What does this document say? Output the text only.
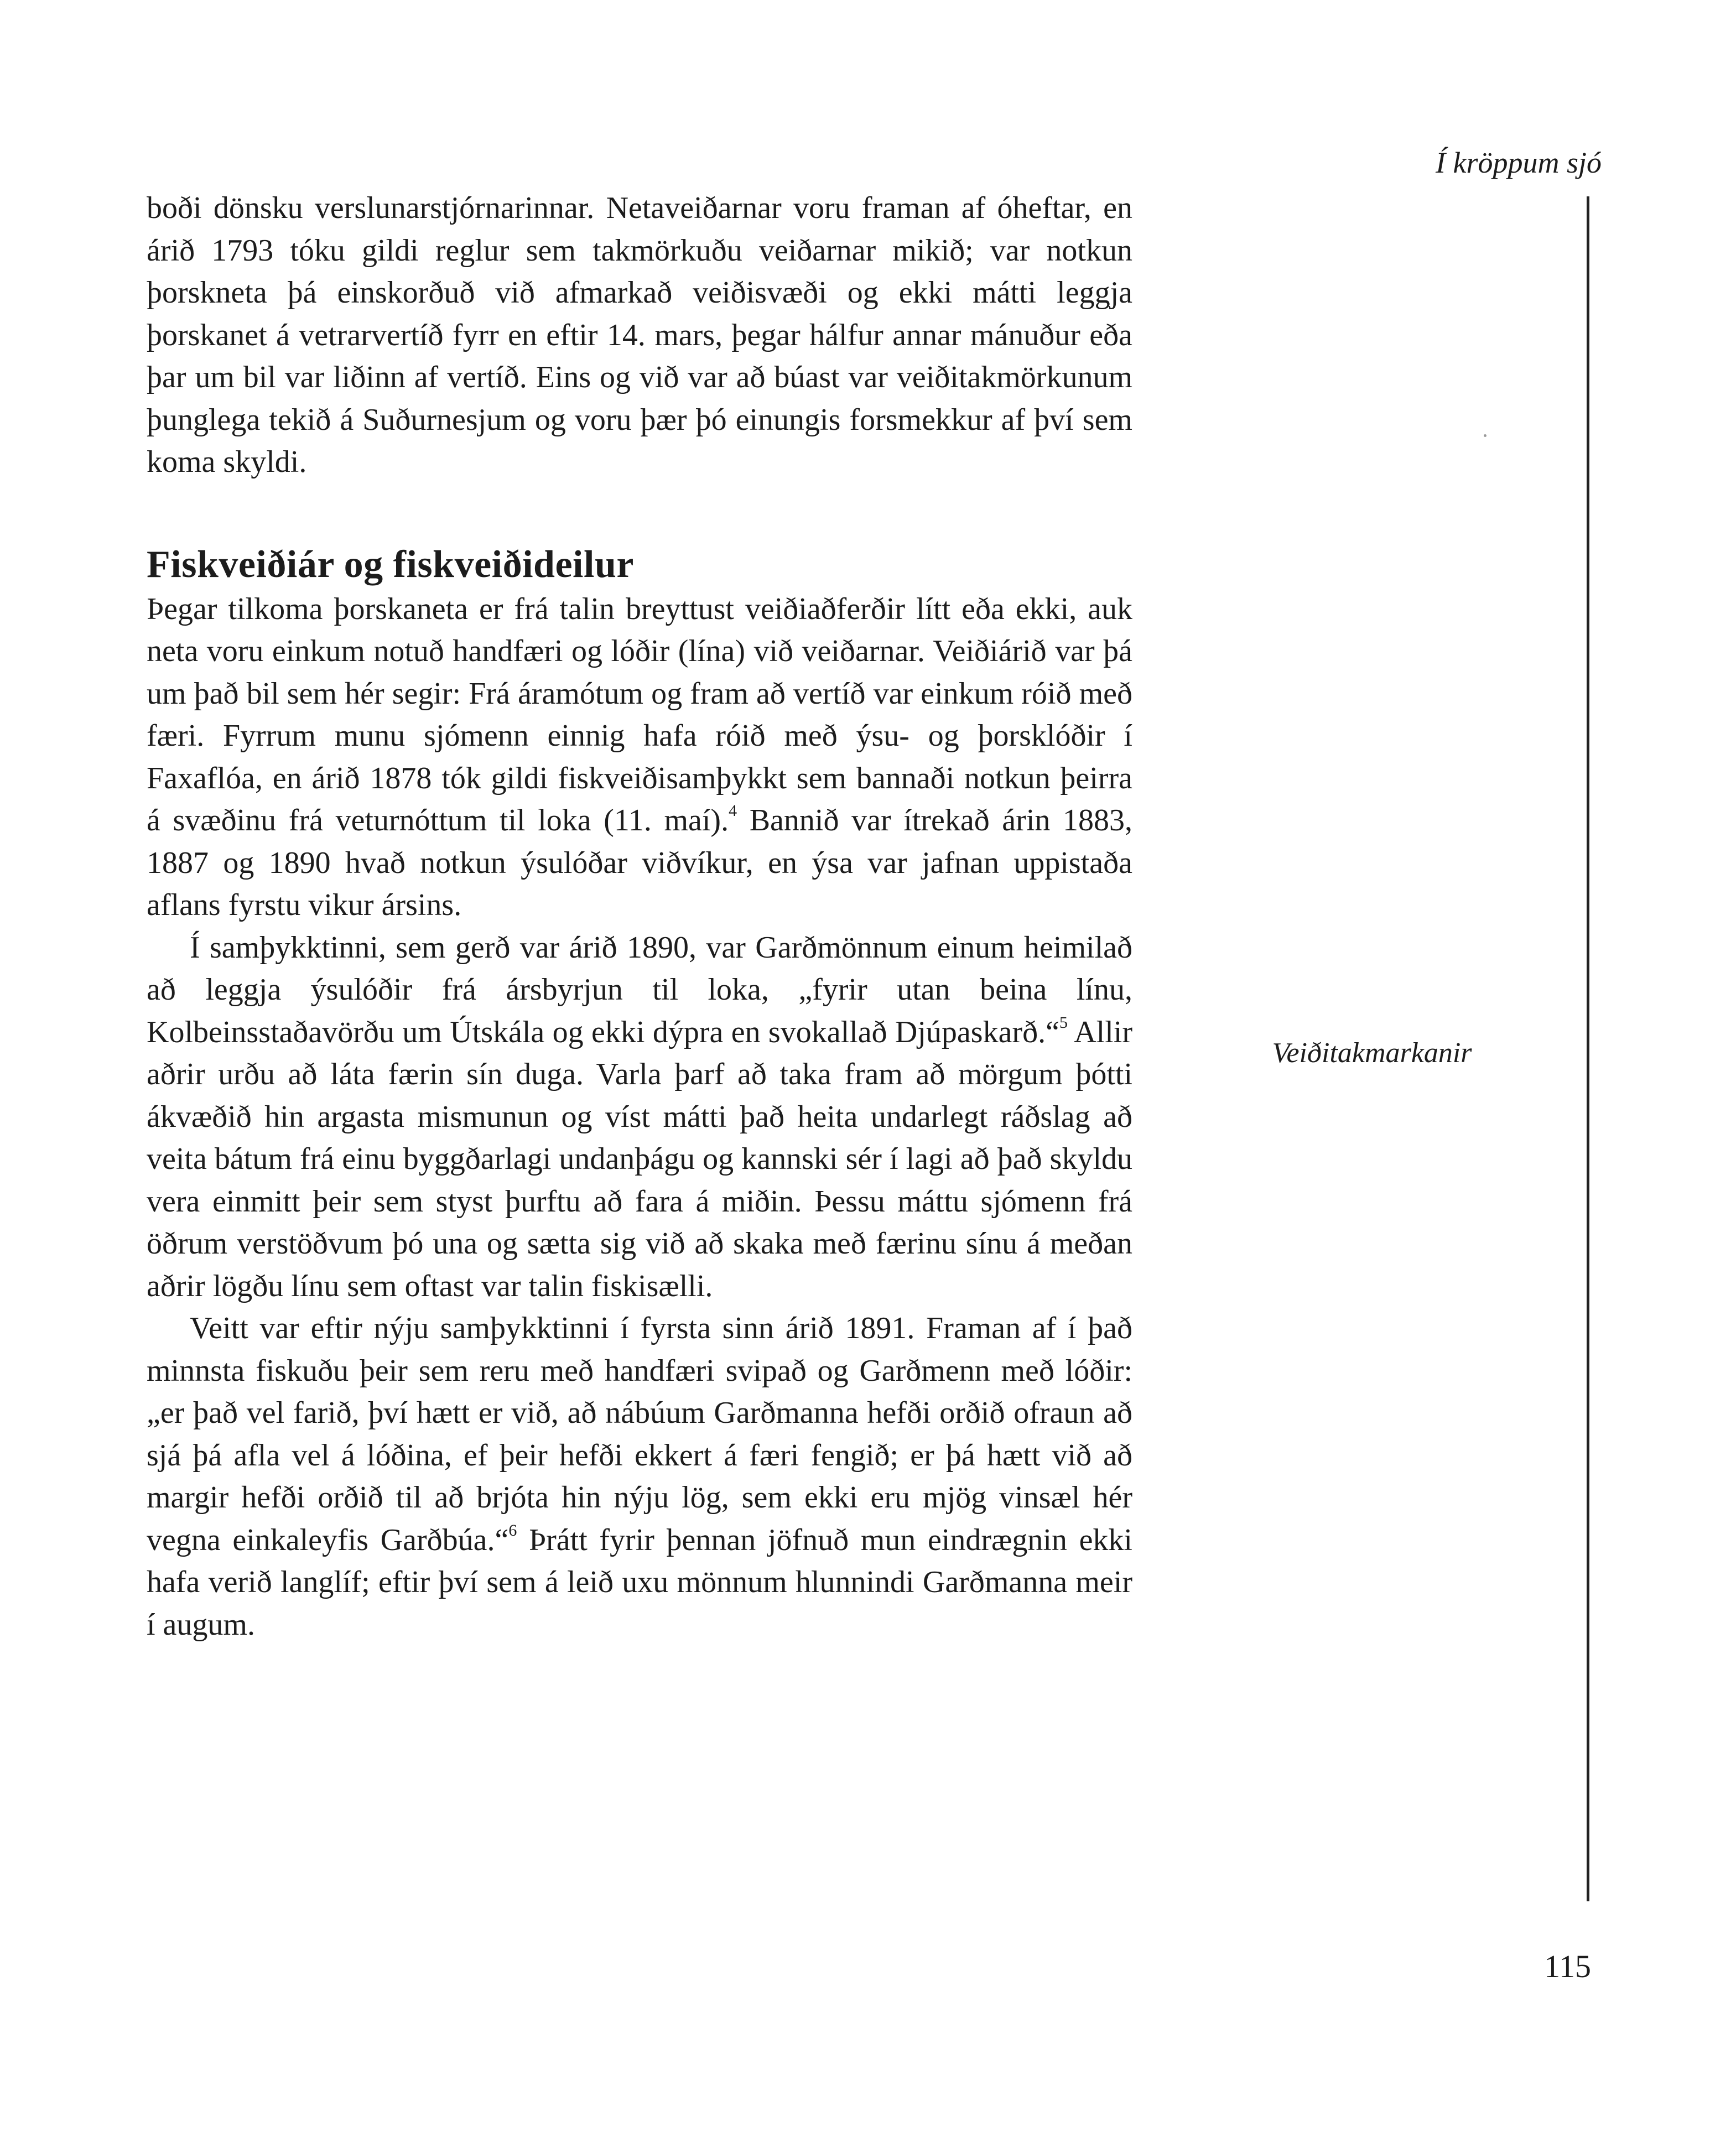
Í kröppum sjó

boði dönsku verslunarstjórnarinnar. Netaveiðarnar voru framan af óheftar, en árið 1793 tóku gildi reglur sem takmörkuðu veiðarnar mikið; var notkun þorskneta þá einskorðuð við afmarkað veiðisvæði og ekki mátti leggja þorskanet á vetrarvertíð fyrr en eftir 14. mars, þegar hálfur annar mánuður eða þar um bil var liðinn af vertíð. Eins og við var að búast var veiðitakmörkunum þunglega tekið á Suðurnesjum og voru þær þó einungis forsmekkur af því sem koma skyldi.

Fiskveiðiár og fiskveiðideilur

Þegar tilkoma þorskaneta er frá talin breyttust veiðiaðferðir lítt eða ekki, auk neta voru einkum notuð handfæri og lóðir (lína) við veiðarnar. Veiðiárið var þá um það bil sem hér segir: Frá áramótum og fram að vertíð var einkum róið með færi. Fyrrum munu sjómenn einnig hafa róið með ýsu- og þorsklóðir í Faxaflóa, en árið 1878 tók gildi fiskveiðisamþykkt sem bannaði notkun þeirra á svæðinu frá veturnóttum til loka (11. maí).$^4$ Bannið var ítrekað árin 1883, 1887 og 1890 hvað notkun ýsulóðar viðvíkur, en ýsa var jafnan uppistaða aflans fyrstu vikur ársins.

Í samþykktinni, sem gerð var árið 1890, var Garðmönnum einum heimilað að leggja ýsulóðir frá ársbyrjun til loka, „fyrir utan beina línu, Kolbeinsstaðavörðu um Útskála og ekki dýpra en svokallað Djúpaskarð.“$^5$ Allir aðrir urðu að láta færin sín duga. Varla þarf að taka fram að mörgum þótti ákvæðið hin argasta mismunun og víst mátti það heita undarlegt ráðslag að veita bátum frá einu byggðarlagi undanþágu og kannski sér í lagi að það skyldu vera einmitt þeir sem styst þurftu að fara á miðin. Þessu máttu sjómenn frá öðrum verstöðvum þó una og sætta sig við að skaka með færinu sínu á meðan aðrir lögðu línu sem oftast var talin fiskisælli.

Veitt var eftir nýju samþykktinni í fyrsta sinn árið 1891. Framan af í það minnsta fiskuðu þeir sem reru með handfæri svipað og Garðmenn með lóðir: „er það vel farið, því hætt er við, að nábúum Garðmanna hefði orðið ofraun að sjá þá afla vel á lóðina, ef þeir hefði ekkert á færi fengið; er þá hætt við að margir hefði orðið til að brjóta hin nýju lög, sem ekki eru mjög vinsæl hér vegna einkaleyfis Garðbúa.“$^6$ Þrátt fyrir þennan jöfnuð mun eindrægnin ekki hafa verið langlíf; eftir því sem á leið uxu mönnum hlunnindi Garðmanna meir í augum.

Veiðitakmarkanir
115
